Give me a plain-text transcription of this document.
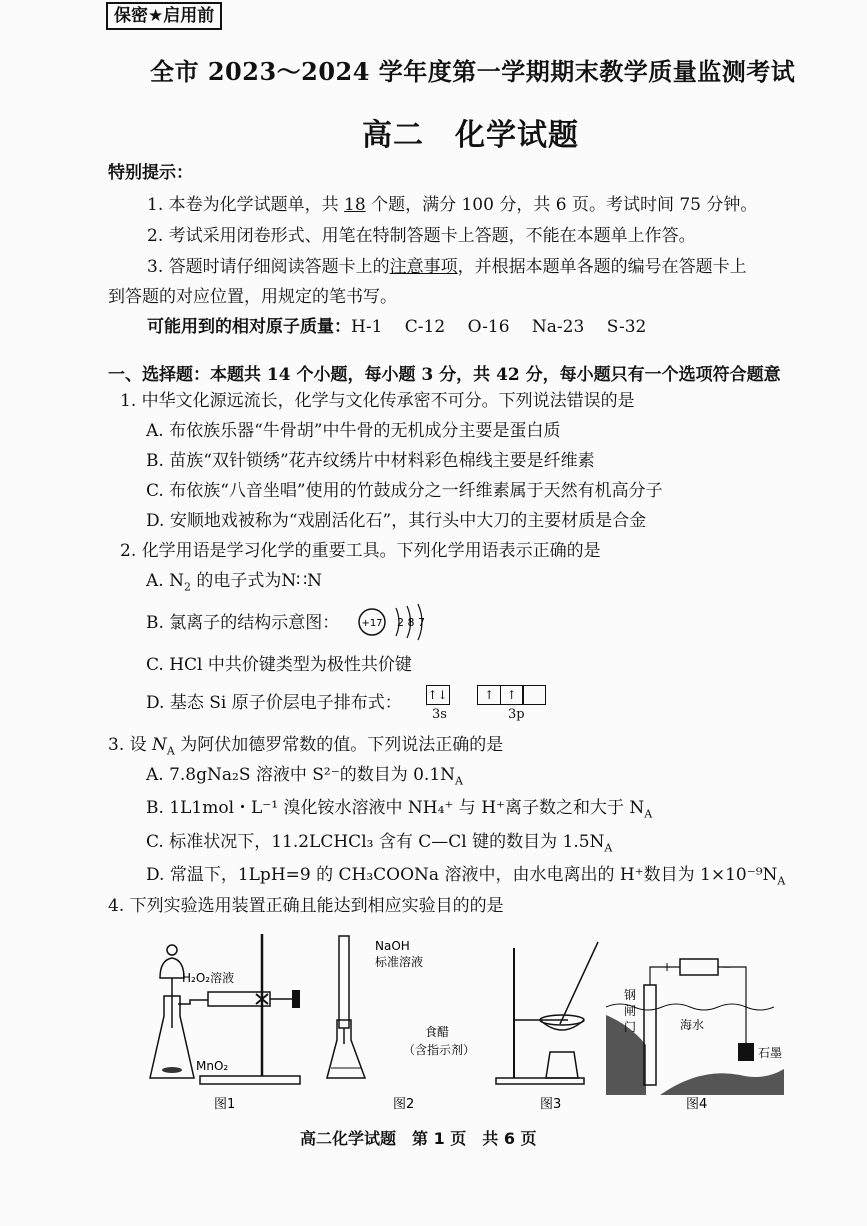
保密★启用前
全市 2023～2024 学年度第一学期期末教学质量监测考试
高二　化学试题
特别提示：
1. 本卷为化学试题单，共 18 个题，满分 100 分，共 6 页。考试时间 75 分钟。
2. 考试采用闭卷形式、用笔在特制答题卡上答题，不能在本题单上作答。
3. 答题时请仔细阅读答题卡上的注意事项，并根据本题单各题的编号在答题卡上
到答题的对应位置，用规定的笔书写。
可能用到的相对原子质量：H-1　 C-12　 O-16　 Na-23　 S-32
一、选择题：本题共 14 个小题，每小题 3 分，共 42 分，每小题只有一个选项符合题意
1. 中华文化源远流长，化学与文化传承密不可分。下列说法错误的是
A. 布依族乐器“牛骨胡”中牛骨的无机成分主要是蛋白质
B. 苗族“双针锁绣”花卉纹绣片中材料彩色棉线主要是纤维素
C. 布依族“八音坐唱”使用的竹鼓成分之一纤维素属于天然有机高分子
D. 安顺地戏被称为“戏剧活化石”，其行头中大刀的主要材质是合金
2. 化学用语是学习化学的重要工具。下列化学用语表示正确的是
A. $N_2$ 的电子式为N∷N
B. 氯离子的结构示意图： +17 2 8 7
C. HCl 中共价键类型为极性共价键
D. 基态 Si 原子价层电子排布式： ↑↓	↑ ↑
3s	3p
3. 设 $N_A$ 为阿伏加德罗常数的值。下列说法正确的是
A. 7.8gNa₂S 溶液中 S²⁻的数目为 $0.1N_A$
B. 1L1mol・L⁻¹ 溴化铵水溶液中 NH₄⁺ 与 H⁺离子数之和大于 $N_A$
C. 标准状况下，11.2LCHCl₃ 含有 C—Cl 键的数目为 $1.5N_A$
D. 常温下，1LpH=9 的 CH₃COONa 溶液中，由水电离出的 H⁺数目为 $1\times 10^{-9}N_A$
4. 下列实验选用装置正确且能达到相应实验目的的是
H₂O₂溶液
MnO₂
图1
NaOH
标准溶液
食醋
（含指示剂）
图2	图3
+	−
钢
闸
门	海水
石墨
图4
高二化学试题　第 1 页　共 6 页
